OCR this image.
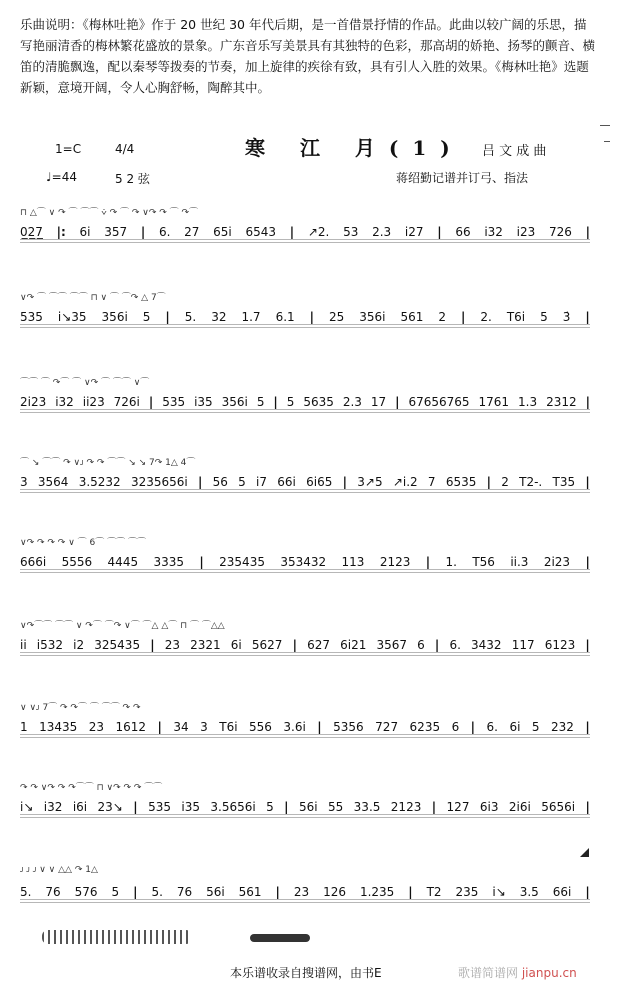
乐曲说明：《梅林吐艳》作于 20 世纪 30 年代后期，是一首借景抒情的作品。此曲以较广阔的乐思，描写艳丽清香的梅林繁花盛放的景象。广东音乐写美景具有其独特的色彩，那高胡的娇艳、扬琴的颤音、横笛的清脆飘逸，配以秦琴等拨奏的节奏，加上旋律的疾徐有致，具有引人入胜的效果。《梅林吐艳》选题新颖，意境开阔，令人心胸舒畅，陶醉其中。
1=C	4/4
♩=44	5 2 弦
寒 江 月(1) 吕 文 成 曲
蒋绍勤记谱并订弓、指法
⊓ △⌒ ∨ ↷ ⌒ ⌒⌒ ⩒ ↷ ⌒ ↷ ∨↷ ↷ ⌒ ↷⌒
0̲2̲7̲ |: 6i 357 | 6. 27 65i 6543 | ↗2. 53 2.3 i27 | 66 i32 i23 726 |
∨↷ ⌒ ⌒⌒ ⌒⌒ ⊓ ∨ ⌒ ⌒↷ △ 7⌒
535 i↘35 356i 5 | 5. 32 1.7 6.1 | 25 356i 561 2 | 2. T6i 5 3̇ |
⌒⌒ ⌒ ↷⌒ ⌒ ∨↷ ⌒ ⌒⌒ ∨⌒
2i23 i32 ii23 726i | 535 i35 356i 5 | 5 5635 2.3 17 | 67656765 1761 1.3 2312 |
⌒ ↘ ⌒⌒ ↷ ∨ᴊ ↷ ↷ ⌒⌒ ↘ ↘ 7↷ 1△ 4⌒
3 3564 3.5232 3235656i | 56 5 i7 66i 6i65 | 3↗5 ↗i.2 7 6535 | 2 T2-. T35 |
∨↷ ↷ ↷ ↷ ∨ ⌒ 6⌒ ⌒⌒ ⌒⌒
666i 5556 4445 3335 | 235435 353432 113 2123 | 1. T56 ii.3 2i23 |
∨↷⌒⌒ ⌒⌒ ∨ ↷⌒ ⌒↷ ∨⌒ ⌒△ △⌒ ⊓ ⌒ ⌒△△
ii i532 i2 325435 | 23 2321 6i 5627 | 627 6i21 3567 6 | 6. 3432 117 6123 |
∨ ∨ᴊ 7⌒ ↷ ↷⌒ ⌒ ⌒⌒ ↷ ↷
1 13435 23 1612 | 34 3 T6i 556 3.6i | 5356 727 6235 6 | 6. 6i 5 232 |
↷ ↷ ∨↷ ↷ ↷⌒⌒ ⊓ ∨↷ ↷ ↷ ⌒⌒
i↘ i32 i6i 23↘ | 535 i35 3.5656i 5 | 56i 55 33.5 2123 | 127 6i3 2i6i 5656i |
ᴊ ᴊ ᴊ ∨ ∨ △△ ↷ 1△
5. 76 576 5 | 5. 76 56i 561 | 23 126 1.235 | T2 235 i↘ 3.5 66i |
本乐谱收录自搜谱网，由书E	歌谱简谱网 jianpu.cn
